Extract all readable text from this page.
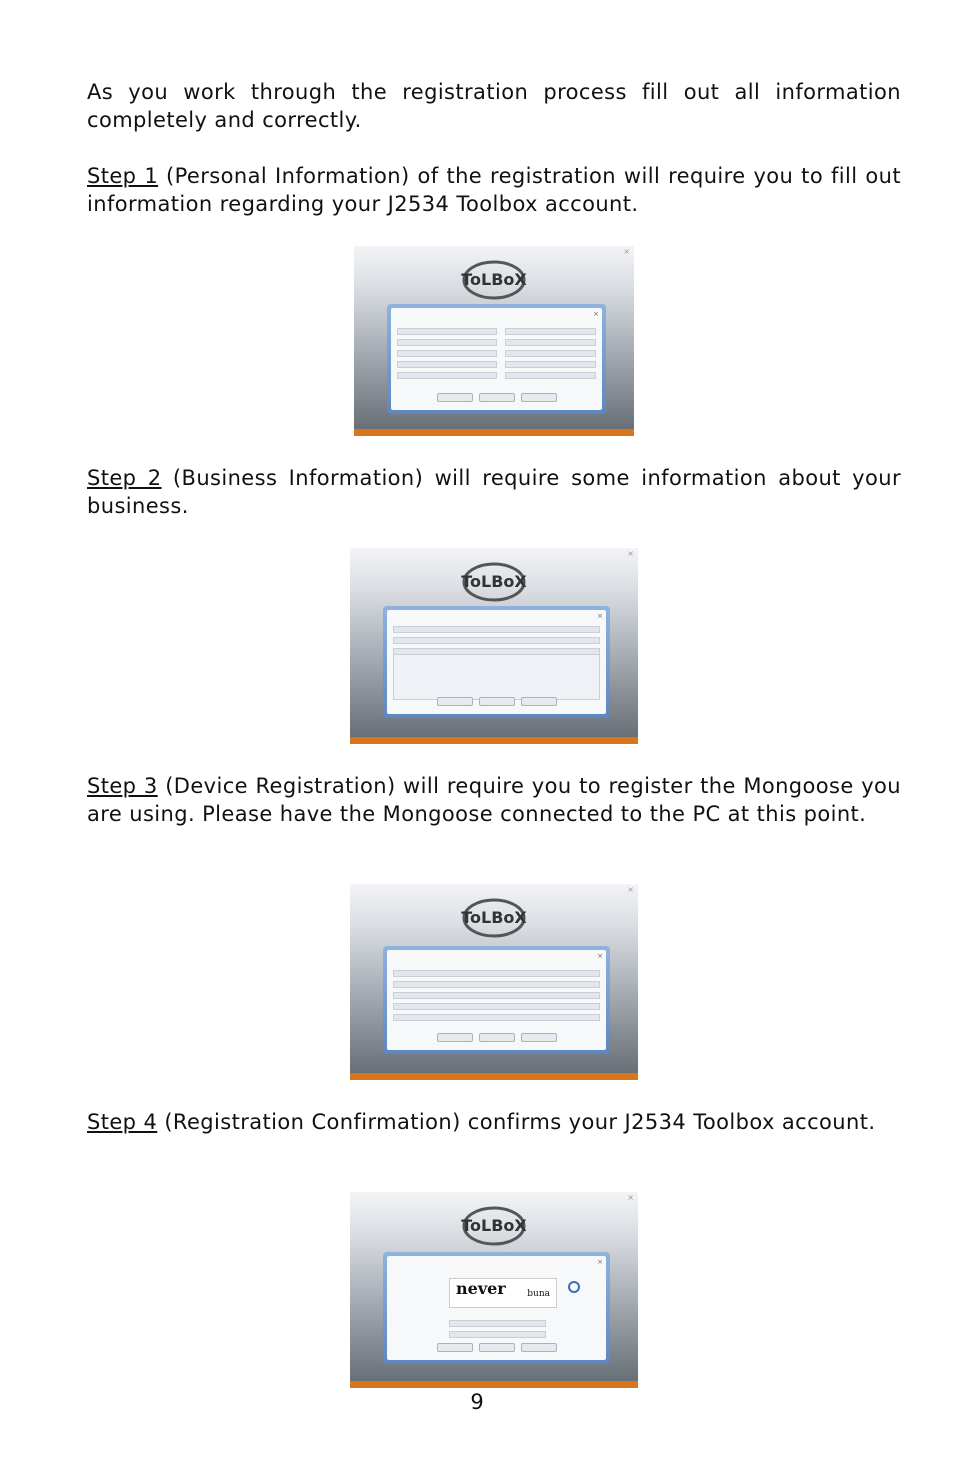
As you work through the registration process fill out all information completely and correctly.
Step 1 (Personal Information) of the registration will require you to fill out information regarding your J2534 Toolbox account.
×
ToLBoX
×
Step 2 (Business Information) will require some information about your business.
×
ToLBoX
×
Step 3 (Device Registration) will require you to register the Mongoose you are using. Please have the Mongoose connected to the PC at this point.
×
ToLBoX
×
Step 4 (Registration Confirmation) confirms your J2534 Toolbox account.
×
ToLBoX
×
never buna
9
